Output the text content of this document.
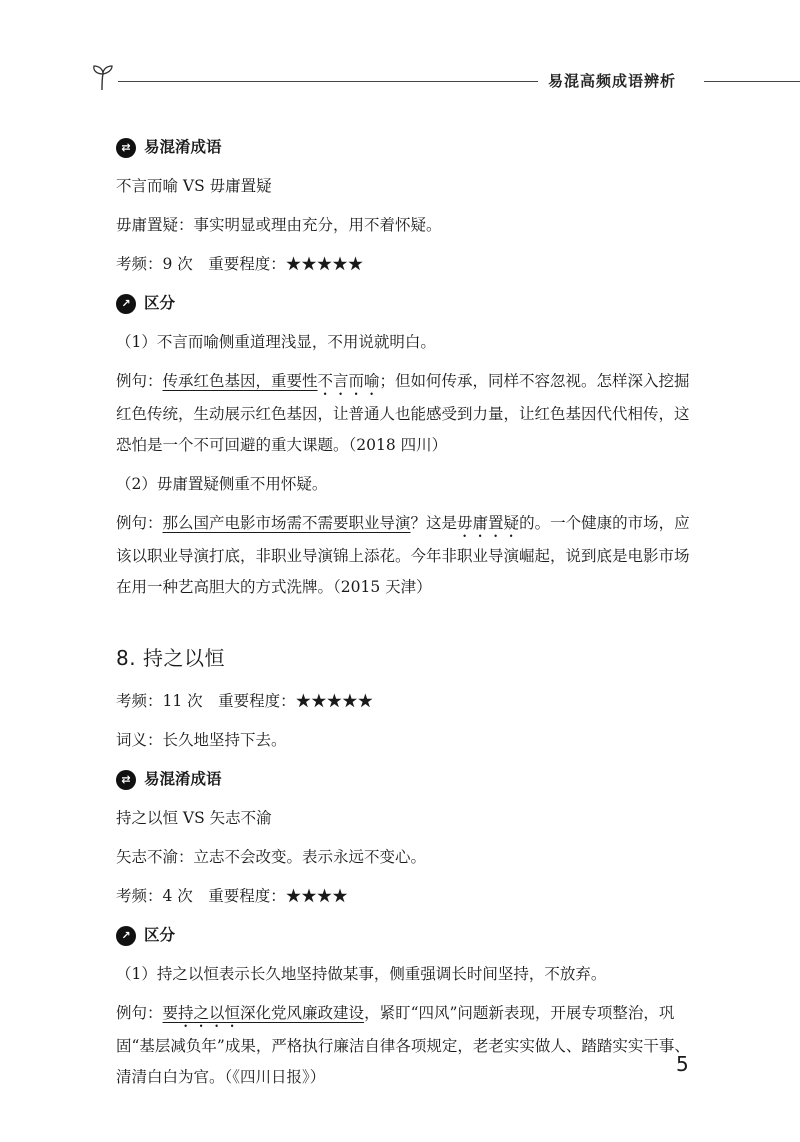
易混高频成语辨析
⇄ 易混淆成语

不言而喻 VS 毋庸置疑

毋庸置疑：事实明显或理由充分，用不着怀疑。

考频：9 次　重要程度：★★★★★

↗ 区分

（1）不言而喻侧重道理浅显，不用说就明白。

例句：传承红色基因，重要性不言而喻；但如何传承，同样不容忽视。怎样深入挖掘红色传统，生动展示红色基因，让普通人也能感受到力量，让红色基因代代相传，这恐怕是一个不可回避的重大课题。（2018 四川）

（2）毋庸置疑侧重不用怀疑。

例句：那么国产电影市场需不需要职业导演？这是毋庸置疑的。一个健康的市场，应该以职业导演打底，非职业导演锦上添花。今年非职业导演崛起，说到底是电影市场在用一种艺高胆大的方式洗牌。（2015 天津）

8. 持之以恒

考频：11 次　重要程度：★★★★★

词义：长久地坚持下去。

⇄ 易混淆成语

持之以恒 VS 矢志不渝

矢志不渝：立志不会改变。表示永远不变心。

考频：4 次　重要程度：★★★★

↗ 区分

（1）持之以恒表示长久地坚持做某事，侧重强调长时间坚持，不放弃。

例句：要持之以恒深化党风廉政建设，紧盯“四风”问题新表现，开展专项整治，巩固“基层减负年”成果，严格执行廉洁自律各项规定，老老实实做人、踏踏实实干事、清清白白为官。（《四川日报》）

5
